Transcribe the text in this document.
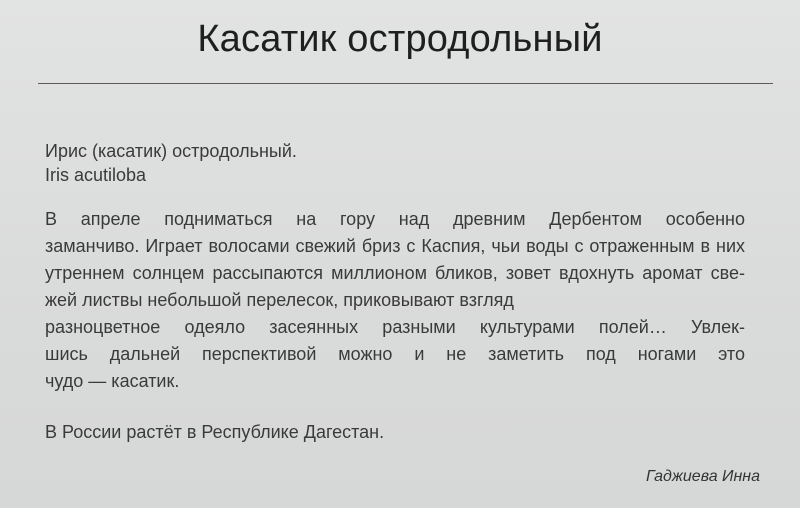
Касатик остродольный
Ирис (касатик) остродольный.
Iris acutiloba
В апреле подниматься на гору над древним Дербентом особенно
заманчиво. Играет волосами свежий бриз с Каспия, чьи воды с отраженным в них
утреннем солнцем рассыпаются миллионом бликов, зовет вдохнуть аромат све-
жей листвы небольшой перелесок, приковывают взгляд
разноцветное одеяло засеянных разными культурами полей… Увлек-
шись дальней перспективой можно и не заметить под ногами это
чудо — касатик.
В России растёт в Республике Дагестан.
Гаджиева Инна
